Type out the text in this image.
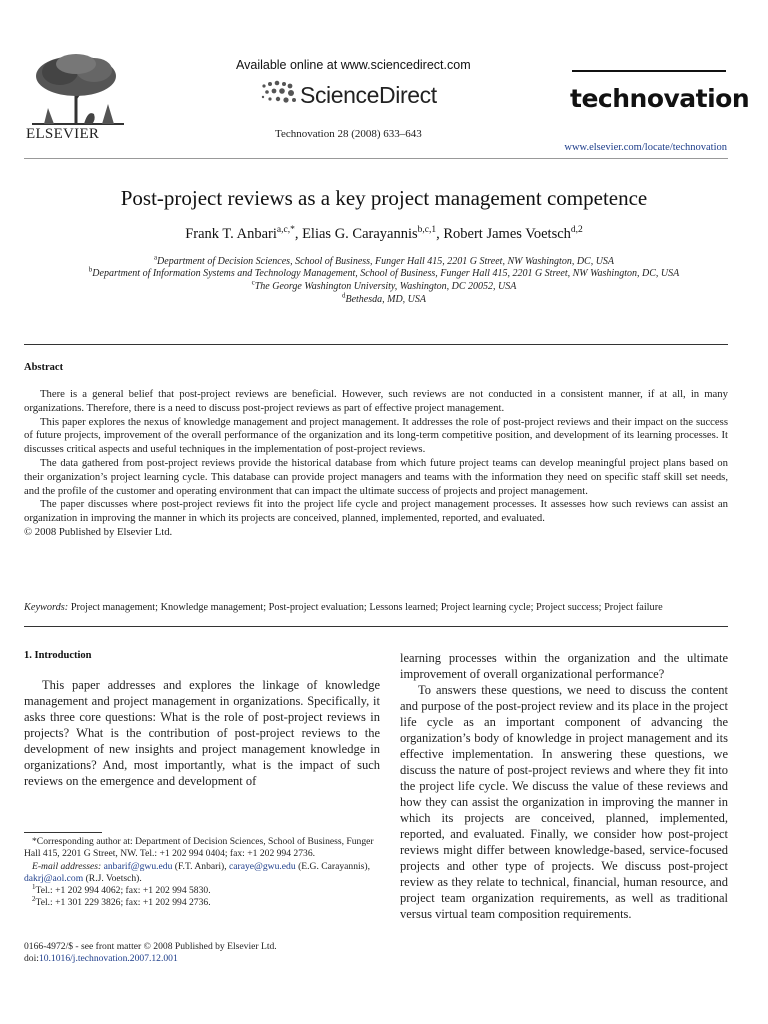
ELSEVIER
Available online at www.sciencedirect.com
ScienceDirect
Technovation 28 (2008) 633–643
technovation
www.elsevier.com/locate/technovation
Post-project reviews as a key project management competence
Frank T. Anbari$^{a,c,*}$, Elias G. Carayannis$^{b,c,1}$, Robert James Voetsch$^{d,2}$
$^a$Department of Decision Sciences, School of Business, Funger Hall 415, 2201 G Street, NW Washington, DC, USA
$^b$Department of Information Systems and Technology Management, School of Business, Funger Hall 415, 2201 G Street, NW Washington, DC, USA
$^c$The George Washington University, Washington, DC 20052, USA
$^d$Bethesda, MD, USA
Abstract

There is a general belief that post-project reviews are beneficial. However, such reviews are not conducted in a consistent manner, if at all, in many organizations. Therefore, there is a need to discuss post-project reviews as part of effective project management.

This paper explores the nexus of knowledge management and project management. It addresses the role of post-project reviews and their impact on the success of future projects, improvement of the overall performance of the organization and its long-term competitive position, and development of its learning processes. It discusses critical aspects and useful techniques in the implementation of post-project reviews.

The data gathered from post-project reviews provide the historical database from which future project teams can develop meaningful project plans based on their organization’s project learning cycle. This database can provide project managers and teams with the information they need on specific staff skill set needs, and the profile of the customer and operating environment that can impact the ultimate success of projects and project management.

The paper discusses where post-project reviews fit into the project life cycle and project management processes. It assesses how such reviews can assist an organization in improving the manner in which its projects are conceived, planned, implemented, reported, and evaluated.

© 2008 Published by Elsevier Ltd.

Keywords: Project management; Knowledge management; Post-project evaluation; Lessons learned; Project learning cycle; Project success; Project failure
1. Introduction

This paper addresses and explores the linkage of knowledge management and project management in organizations. Specifically, it asks three core questions: What is the role of post-project reviews in projects? What is the contribution of post-project reviews to the development of new insights and project management knowledge in organizations? And, most importantly, what is the impact of such reviews on the emergence and development of

*Corresponding author at: Department of Decision Sciences, School of Business, Funger Hall 415, 2201 G Street, NW. Tel.: +1 202 994 0404; fax: +1 202 994 2736.

E-mail addresses: anbarif@gwu.edu (F.T. Anbari), caraye@gwu.edu (E.G. Carayannis), dakrj@aol.com (R.J. Voetsch).

$^1$Tel.: +1 202 994 4062; fax: +1 202 994 5830.

$^2$Tel.: +1 301 229 3826; fax: +1 202 994 2736.

0166-4972/$ - see front matter © 2008 Published by Elsevier Ltd.

doi:10.1016/j.technovation.2007.12.001

learning processes within the organization and the ultimate improvement of overall organizational performance?

To answers these questions, we need to discuss the content and purpose of the post-project review and its place in the project life cycle as an important component of advancing the organization’s body of knowledge in project management and its effective implementation. In answering these questions, we discuss the nature of post-project reviews and where they fit into the project life cycle. We discuss the value of these reviews and how they can assist the organization in improving the manner in which its projects are conceived, planned, implemented, reported, and evaluated. Finally, we consider how post-project reviews might differ between knowledge-based, service-focused projects and other type of projects. We discuss post-project review as they relate to technical, financial, human resource, and project team organization requirements, as well as traditional versus virtual team composition requirements.
